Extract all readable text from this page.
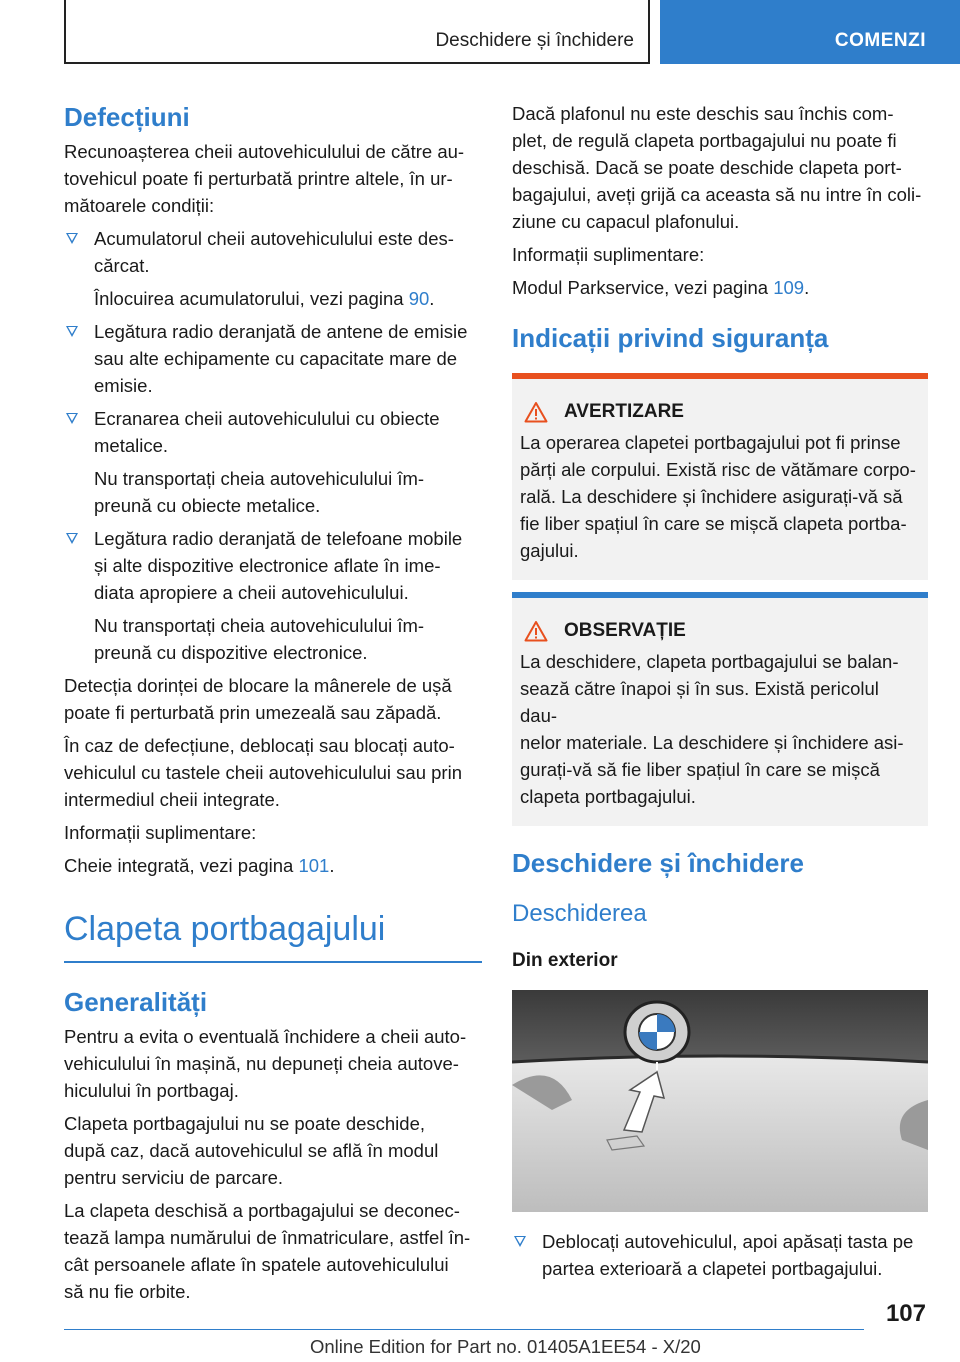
Deschidere și închidere	COMENZI
Defecțiuni

Recunoașterea cheii autovehiculului de către au-
tovehicul poate fi perturbată printre altele, în ur-
mătoarele condiții:

Acumulatorul cheii autovehiculului este des-
cărcat.

Înlocuirea acumulatorului, vezi pagina 90.

Legătura radio deranjată de antene de emisie
sau alte echipamente cu capacitate mare de
emisie.

Ecranarea cheii autovehiculului cu obiecte
metalice.

Nu transportați cheia autovehiculului îm-
preună cu obiecte metalice.

Legătura radio deranjată de telefoane mobile
și alte dispozitive electronice aflate în ime-
diata apropiere a cheii autovehiculului.

Nu transportați cheia autovehiculului îm-
preună cu dispozitive electronice.

Detecția dorinței de blocare la mânerele de ușă
poate fi perturbată prin umezeală sau zăpadă.

În caz de defecțiune, deblocați sau blocați auto-
vehiculul cu tastele cheii autovehiculului sau prin
intermediul cheii integrate.

Informații suplimentare:

Cheie integrată, vezi pagina 101.

Clapeta portbagajului
Generalități

Pentru a evita o eventuală închidere a cheii auto-
vehiculului în mașină, nu depuneți cheia autove-
hiculului în portbagaj.

Clapeta portbagajului nu se poate deschide,
după caz, dacă autovehiculul se află în modul
pentru serviciu de parcare.

La clapeta deschisă a portbagajului se deconec-
tează lampa numărului de înmatriculare, astfel în-
cât persoanele aflate în spatele autovehiculului
să nu fie orbite.

Dacă plafonul nu este deschis sau închis com-
plet, de regulă clapeta portbagajului nu poate fi
deschisă. Dacă se poate deschide clapeta port-
bagajului, aveți grijă ca aceasta să nu intre în coli-
ziune cu capacul plafonului.

Informații suplimentare:

Modul Parkservice, vezi pagina 109.

Indicații privind siguranța
AVERTIZARE

La operarea clapetei portbagajului pot fi prinse
părți ale corpului. Există risc de vătămare corpo-
rală. La deschidere și închidere asigurați-vă să
fie liber spațiul în care se mișcă clapeta portba-
gajului.

OBSERVAȚIE

La deschidere, clapeta portbagajului se balan-
sează către înapoi și în sus. Există pericolul dau-
nelor materiale. La deschidere și închidere asi-
gurați-vă să fie liber spațiul în care se mișcă
clapeta portbagajului.

Deschidere și închidere
Deschiderea
Din exterior

Deblocați autovehiculul, apoi apăsați tasta pe
partea exterioară a clapetei portbagajului.

107
Online Edition for Part no. 01405A1EE54 - X/20
